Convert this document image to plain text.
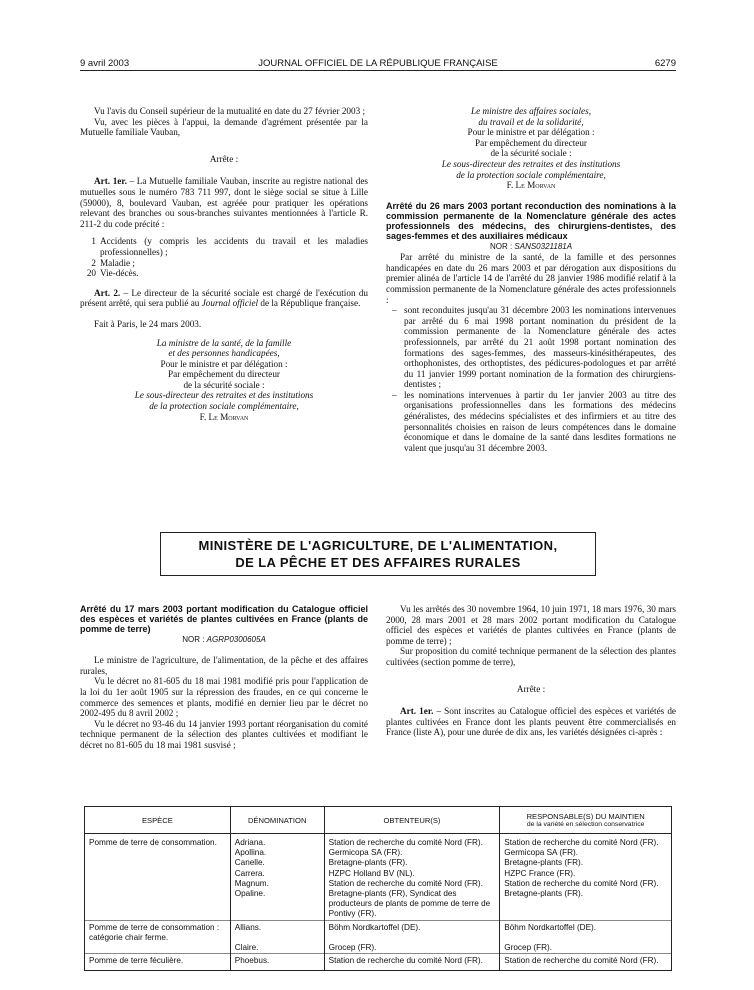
9 avril 2003	JOURNAL OFFICIEL DE LA RÉPUBLIQUE FRANÇAISE	6279

Vu l'avis du Conseil supérieur de la mutualité en date du 27 février 2003 ;

Vu, avec les pièces à l'appui, la demande d'agrément présentée par la Mutuelle familiale Vauban,

Arrête :

Art. 1er. – La Mutuelle familiale Vauban, inscrite au registre national des mutuelles sous le numéro 783 711 997, dont le siège social se situe à Lille (59000), 8, boulevard Vauban, est agréée pour pratiquer les opérations relevant des branches ou sous-branches suivantes mentionnées à l'article R. 211-2 du code précité :

1 Accidents (y compris les accidents du travail et les maladies professionnelles) ;
2 Maladie ;
20 Vie-décès.

Art. 2. – Le directeur de la sécurité sociale est chargé de l'exécution du présent arrêté, qui sera publié au Journal officiel de la République française.

Fait à Paris, le 24 mars 2003.

La ministre de la santé, de la famille

et des personnes handicapées,

Pour le ministre et par délégation :

Par empêchement du directeur

de la sécurité sociale :

Le sous-directeur des retraites et des institutions

de la protection sociale complémentaire,

F. Le Morvan

Le ministre des affaires sociales,

du travail et de la solidarité,

Pour le ministre et par délégation :

Par empêchement du directeur

de la sécurité sociale :

Le sous-directeur des retraites et des institutions

de la protection sociale complémentaire,

F. Le Morvan

Arrêté du 26 mars 2003 portant reconduction des nominations à la commission permanente de la Nomenclature générale des actes professionnels des médecins, des chirurgiens-dentistes, des sages-femmes et des auxiliaires médicaux

NOR : SANS0321181A

Par arrêté du ministre de la santé, de la famille et des personnes handicapées en date du 26 mars 2003 et par dérogation aux dispositions du premier alinéa de l'article 14 de l'arrêté du 28 janvier 1986 modifié relatif à la commission permanente de la Nomenclature générale des actes professionnels :

– sont reconduites jusqu'au 31 décembre 2003 les nominations intervenues par arrêté du 6 mai 1998 portant nomination du président de la commission permanente de la Nomenclature générale des actes professionnels, par arrêté du 21 août 1998 portant nomination des formations des sages-femmes, des masseurs-kinésithérapeutes, des orthophonistes, des orthoptistes, des pédicures-podologues et par arrêté du 11 janvier 1999 portant nomination de la formation des chirurgiens-dentistes ;

– les nominations intervenues à partir du 1er janvier 2003 au titre des organisations professionnelles dans les formations des médecins généralistes, des médecins spécialistes et des infirmiers et au titre des personnalités choisies en raison de leurs compétences dans le domaine économique et dans le domaine de la santé dans lesdites formations ne valent que jusqu'au 31 décembre 2003.

MINISTÈRE DE L'AGRICULTURE, DE L'ALIMENTATION,
DE LA PÊCHE ET DES AFFAIRES RURALES

Arrêté du 17 mars 2003 portant modification du Catalogue officiel des espèces et variétés de plantes cultivées en France (plants de pomme de terre)

NOR : AGRP0300605A

Le ministre de l'agriculture, de l'alimentation, de la pêche et des affaires rurales,

Vu le décret no 81-605 du 18 mai 1981 modifié pris pour l'application de la loi du 1er août 1905 sur la répression des fraudes, en ce qui concerne le commerce des semences et plants, modifié en dernier lieu par le décret no 2002-495 du 8 avril 2002 ;

Vu le décret no 93-46 du 14 janvier 1993 portant réorganisation du comité technique permanent de la sélection des plantes cultivées et modifiant le décret no 81-605 du 18 mai 1981 susvisé ;

Vu les arrêtés des 30 novembre 1964, 10 juin 1971, 18 mars 1976, 30 mars 2000, 28 mars 2001 et 28 mars 2002 portant modification du Catalogue officiel des espèces et variétés de plantes cultivées en France (plants de pomme de terre) ;

Sur proposition du comité technique permanent de la sélection des plantes cultivées (section pomme de terre),

Arrête :

Art. 1er. – Sont inscrites au Catalogue officiel des espèces et variétés de plantes cultivées en France dont les plants peuvent être commercialisés en France (liste A), pour une durée de dix ans, les variétés désignées ci-après :

ESPÈCE	DÉNOMINATION	OBTENTEUR(S)	RESPONSABLE(S) DU MAINTIEN
de la variété en sélection conservatrice

Pomme de terre de consommation.	Adriana.	Station de recherche du comité Nord (FR).	Station de recherche du comité Nord (FR).
	Apollina.	Germicopa SA (FR).	Germicopa SA (FR).
	Canelle.	Bretagne-plants (FR).	Bretagne-plants (FR).
	Carrera.	HZPC Holland BV (NL).	HZPC France (FR).
	Magnum.	Station de recherche du comité Nord (FR).	Station de recherche du comité Nord (FR).
	Opaline.	Bretagne-plants (FR), Syndicat des producteurs de plants de pomme de terre de Pontivy (FR).	Bretagne-plants (FR).
Pomme de terre de consommation : catégorie chair ferme.	Allians.	Böhm Nordkartoffel (DE).	Böhm Nordkartoffel (DE).
	Claire.	Grocep (FR).	Grocep (FR).
Pomme de terre féculière.	Phoebus.	Station de recherche du comité Nord (FR).	Station de recherche du comité Nord (FR).
